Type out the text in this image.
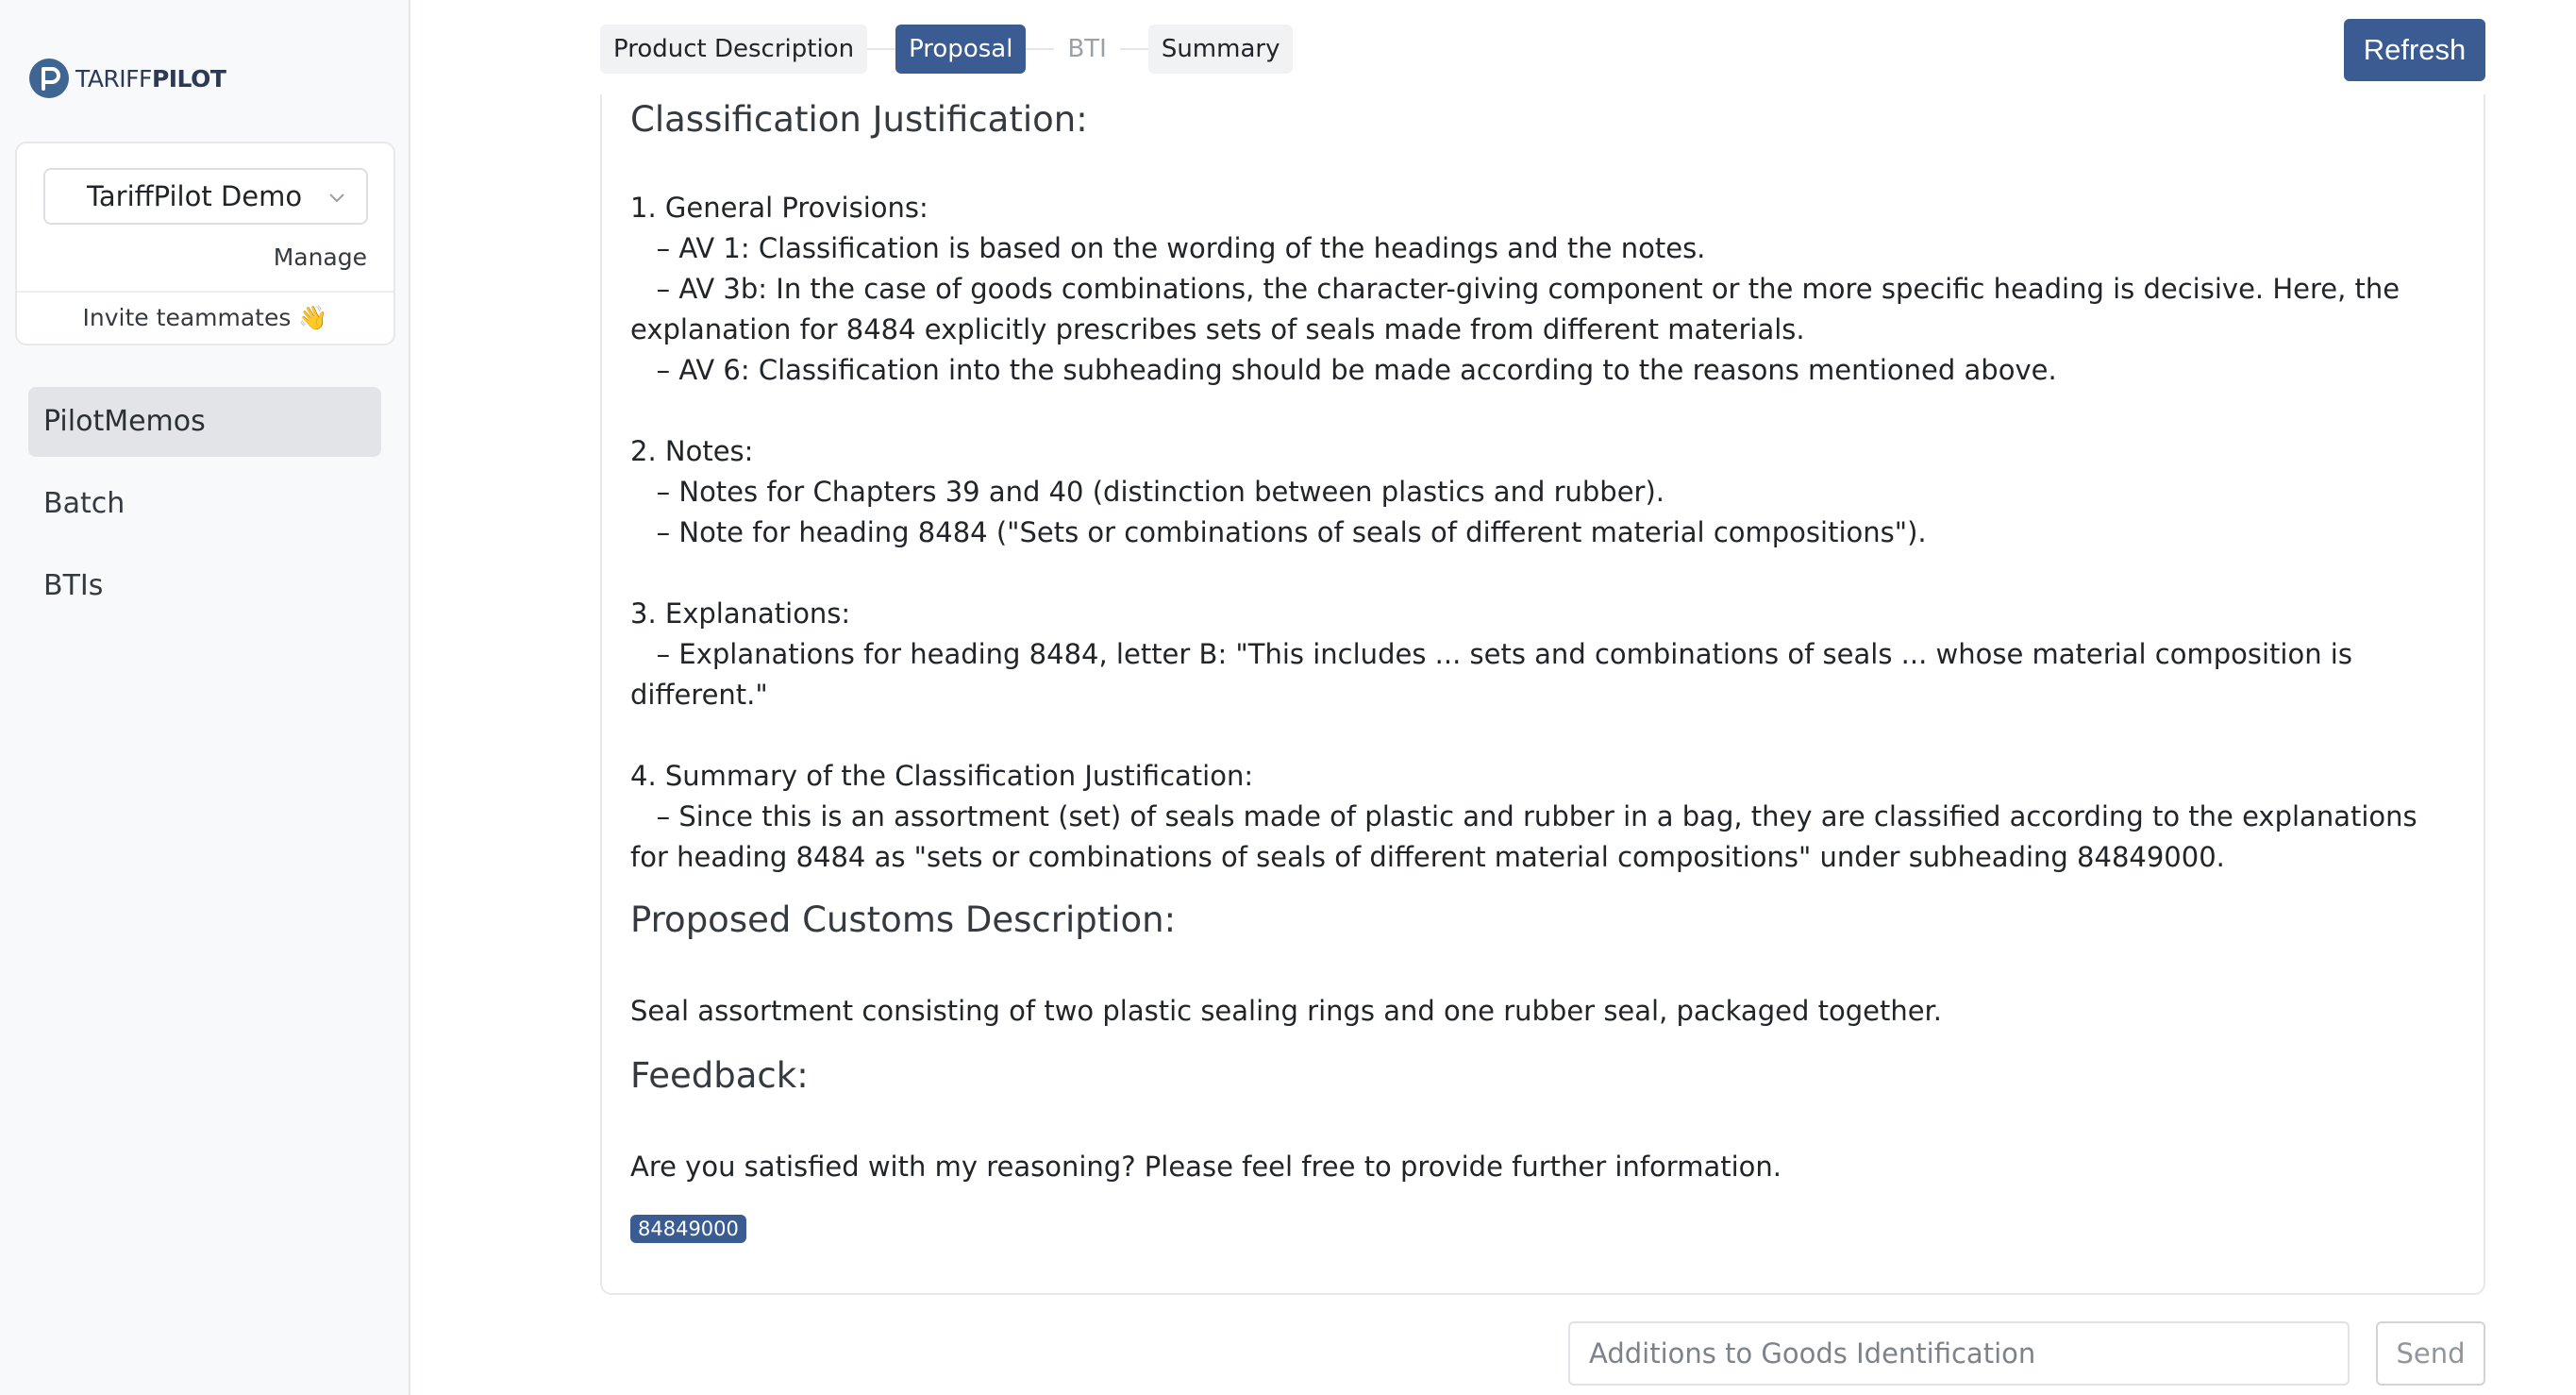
TARIFFPILOT
TariffPilot Demo
Manage
Invite teammates 👋
PilotMemos
Batch
BTIs
Product Description	Proposal	BTI	Summary	Refresh
Classification Justification:
1. General Provisions:
– AV 1: Classification is based on the wording of the headings and the notes.
– AV 3b: In the case of goods combinations, the character-giving component or the more specific heading is decisive. Here, the explanation for 8484 explicitly prescribes sets of seals made from different materials.
– AV 6: Classification into the subheading should be made according to the reasons mentioned above.
2. Notes:
– Notes for Chapters 39 and 40 (distinction between plastics and rubber).
– Note for heading 8484 ("Sets or combinations of seals of different material compositions").
3. Explanations:
– Explanations for heading 8484, letter B: "This includes ... sets and combinations of seals ... whose material composition is different."
4. Summary of the Classification Justification:
– Since this is an assortment (set) of seals made of plastic and rubber in a bag, they are classified according to the explanations for heading 8484 as "sets or combinations of seals of different material compositions" under subheading 84849000.
Proposed Customs Description:
Seal assortment consisting of two plastic sealing rings and one rubber seal, packaged together.
Feedback:
Are you satisfied with my reasoning? Please feel free to provide further information.
84849000
Additions to Goods Identification
Send
